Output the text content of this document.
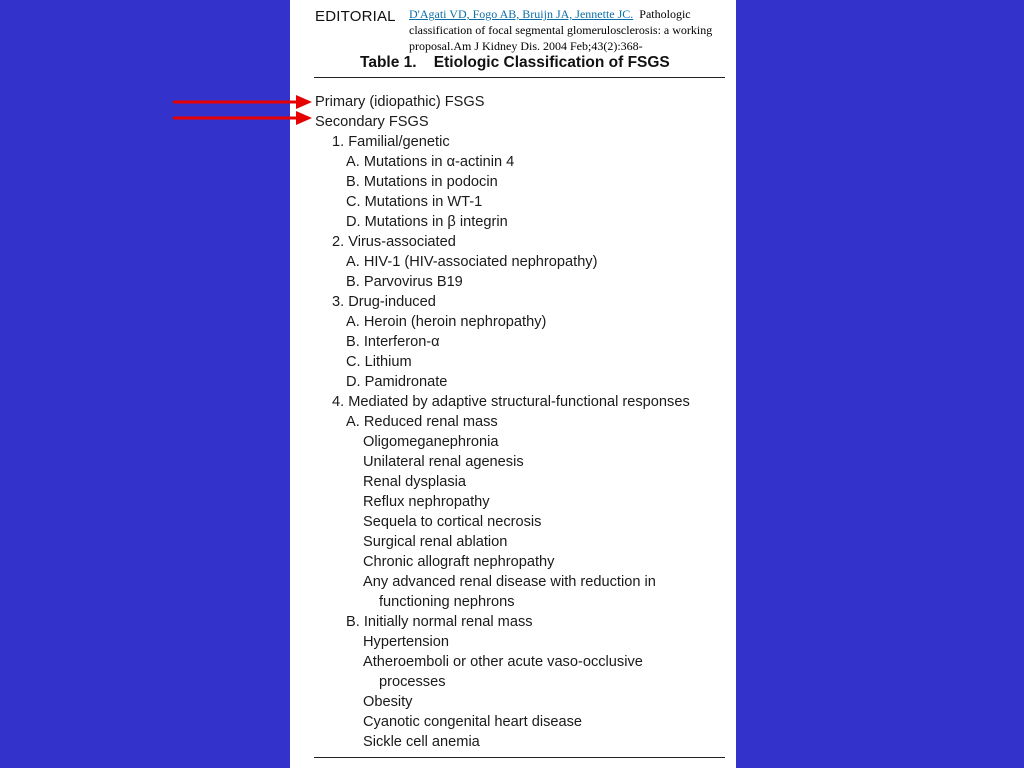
EDITORIAL D'Agati VD, Fogo AB, Bruijn JA, Jennette JC. Pathologic classification of focal segmental glomerulosclerosis: a working proposal.Am J Kidney Dis. 2004 Feb;43(2):368-
Table 1.    Etiologic Classification of FSGS
Primary (idiopathic) FSGS
Secondary FSGS
1. Familial/genetic
A. Mutations in α-actinin 4
B. Mutations in podocin
C. Mutations in WT-1
D. Mutations in β integrin
2. Virus-associated
A. HIV-1 (HIV-associated nephropathy)
B. Parvovirus B19
3. Drug-induced
A. Heroin (heroin nephropathy)
B. Interferon-α
C. Lithium
D. Pamidronate
4. Mediated by adaptive structural-functional responses
A. Reduced renal mass
Oligomeganephronia
Unilateral renal agenesis
Renal dysplasia
Reflux nephropathy
Sequela to cortical necrosis
Surgical renal ablation
Chronic allograft nephropathy
Any advanced renal disease with reduction in
functioning nephrons
B. Initially normal renal mass
Hypertension
Atheroemboli or other acute vaso-occlusive
processes
Obesity
Cyanotic congenital heart disease
Sickle cell anemia
